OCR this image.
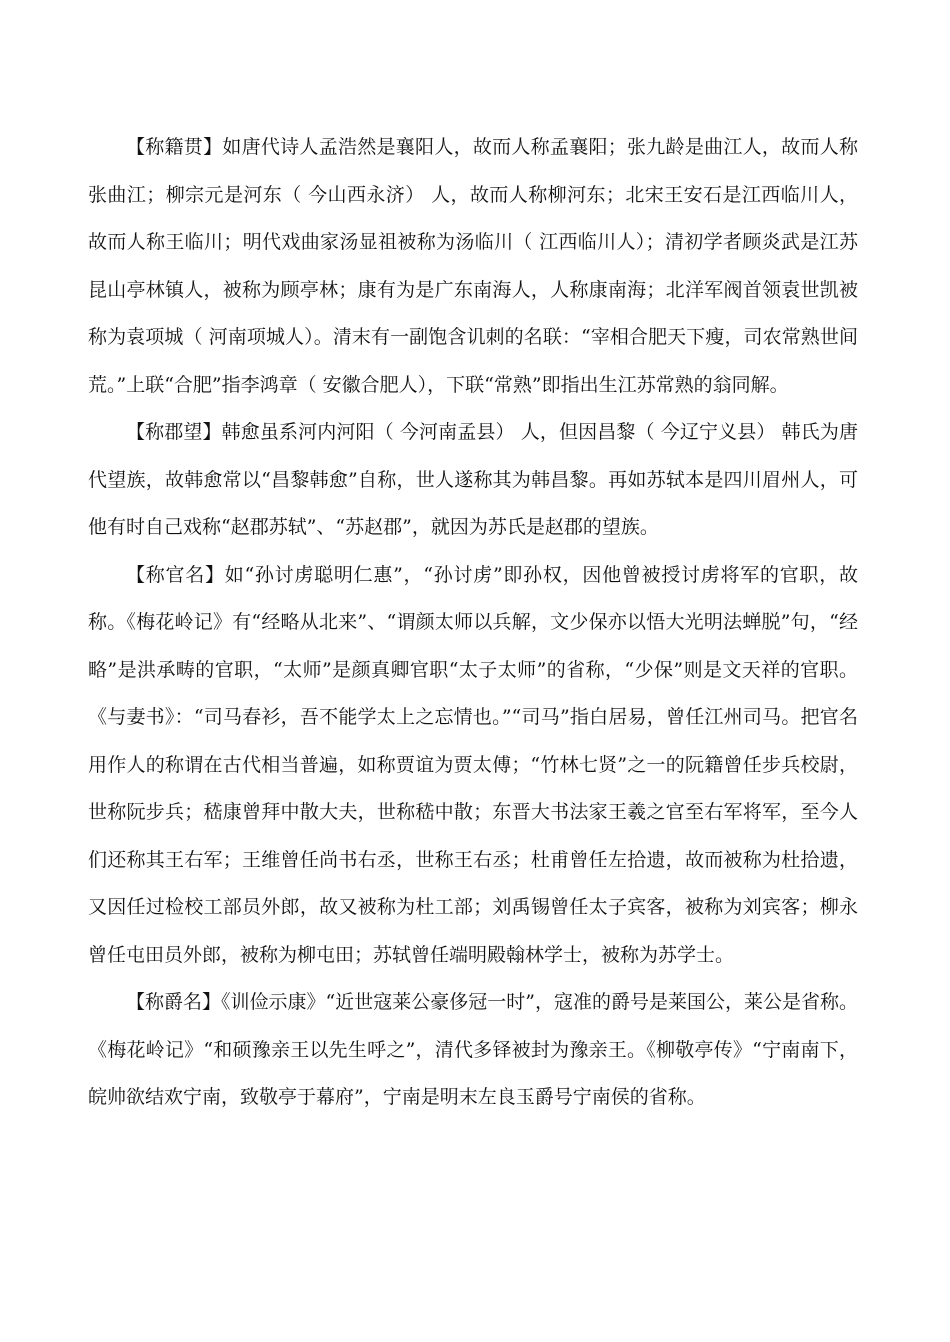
【称籍贯】如唐代诗人孟浩然是襄阳人，故而人称孟襄阳；张九龄是曲江人，故而人称张曲江；柳宗元是河东（ 今山西永济） 人，故而人称柳河东；北宋王安石是江西临川人，故而人称王临川；明代戏曲家汤显祖被称为汤临川（ 江西临川人）；清初学者顾炎武是江苏昆山亭林镇人，被称为顾亭林；康有为是广东南海人，人称康南海；北洋军阀首领袁世凯被称为袁项城（ 河南项城人）。清末有一副饱含讥刺的名联：“宰相合肥天下瘦，司农常熟世间荒。”上联“合肥”指李鸿章（ 安徽合肥人），下联“常熟”即指出生江苏常熟的翁同解。

【称郡望】韩愈虽系河内河阳（ 今河南孟县） 人，但因昌黎（ 今辽宁义县） 韩氏为唐代望族，故韩愈常以“昌黎韩愈”自称，世人遂称其为韩昌黎。再如苏轼本是四川眉州人，可他有时自己戏称“赵郡苏轼”、“苏赵郡”，就因为苏氏是赵郡的望族。

【称官名】如“孙讨虏聪明仁惠”，“孙讨虏”即孙权，因他曾被授讨虏将军的官职，故称。《梅花岭记》有“经略从北来”、“谓颜太师以兵解，文少保亦以悟大光明法蝉脱”句，“经略”是洪承畴的官职，“太师”是颜真卿官职“太子太师”的省称，“少保”则是文天祥的官职。《与妻书》：“司马春衫，吾不能学太上之忘情也。”“司马”指白居易，曾任江州司马。把官名用作人的称谓在古代相当普遍，如称贾谊为贾太傅；“竹林七贤”之一的阮籍曾任步兵校尉，世称阮步兵；嵇康曾拜中散大夫，世称嵇中散；东晋大书法家王羲之官至右军将军，至今人们还称其王右军；王维曾任尚书右丞，世称王右丞；杜甫曾任左拾遗，故而被称为杜拾遗，又因任过检校工部员外郎，故又被称为杜工部；刘禹锡曾任太子宾客，被称为刘宾客；柳永曾任屯田员外郎，被称为柳屯田；苏轼曾任端明殿翰林学士，被称为苏学士。

【称爵名】《训俭示康》“近世寇莱公豪侈冠一时”，寇准的爵号是莱国公，莱公是省称。《梅花岭记》“和硕豫亲王以先生呼之”，清代多铎被封为豫亲王。《柳敬亭传》“宁南南下，皖帅欲结欢宁南，致敬亭于幕府”，宁南是明末左良玉爵号宁南侯的省称。
